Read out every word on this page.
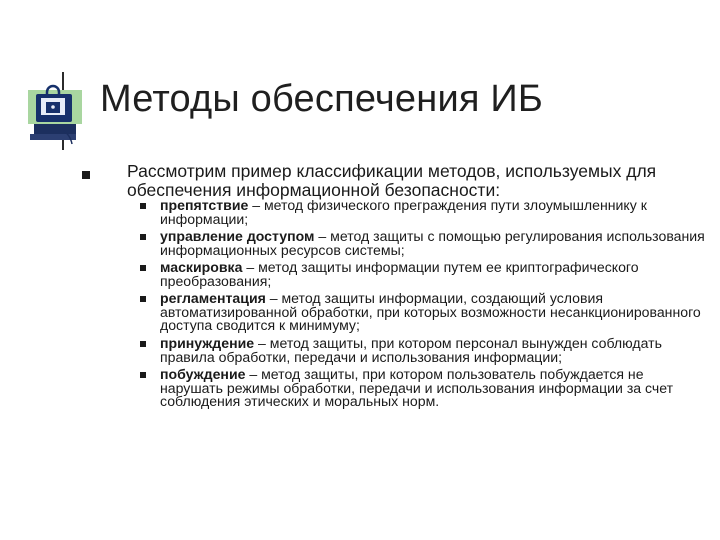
Методы обеспечения ИБ
Рассмотрим пример классификации методов, используемых для обеспечения информационной безопасности:
препятствие – метод физического преграждения пути злоумышленнику к информации;
управление доступом – метод защиты с помощью регулирования использования информационных ресурсов системы;
маскировка – метод защиты информации путем ее криптографического преобразования;
регламентация – метод защиты информации, создающий условия автоматизированной обработки, при которых возможности несанкционированного доступа сводится к минимуму;
принуждение – метод защиты, при котором персонал вынужден соблюдать правила обработки, передачи и использования информации;
побуждение – метод защиты, при котором пользователь побуждается не нарушать режимы обработки, передачи и использования информации за счет соблюдения этических и моральных норм.
